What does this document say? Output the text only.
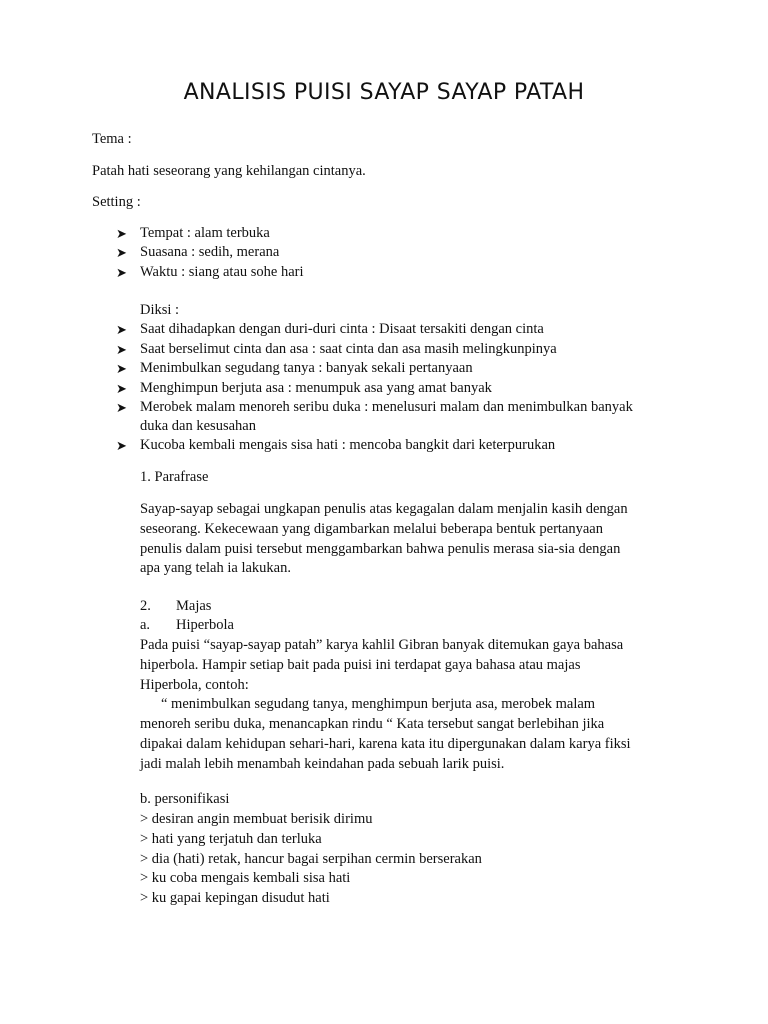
ANALISIS PUISI SAYAP SAYAP PATAH
Tema :
Patah hati seseorang yang kehilangan cintanya.
Setting :
➤ Tempat : alam terbuka
➤ Suasana : sedih, merana
➤ Waktu : siang atau sohe hari
Diksi :
➤ Saat dihadapkan dengan duri-duri cinta : Disaat tersakiti dengan cinta
➤ Saat berselimut cinta dan asa : saat cinta dan asa masih melingkunpinya
➤ Menimbulkan segudang tanya : banyak sekali pertanyaan
➤ Menghimpun berjuta asa : menumpuk asa yang amat banyak
➤ Merobek malam menoreh seribu duka : menelusuri malam dan menimbulkan banyak
duka dan kesusahan
➤ Kucoba kembali mengais sisa hati : mencoba bangkit dari keterpurukan
1. Parafrase
Sayap-sayap sebagai ungkapan penulis atas kegagalan dalam menjalin kasih dengan
seseorang. Kekecewaan yang digambarkan melalui beberapa bentuk pertanyaan
penulis dalam puisi tersebut menggambarkan bahwa penulis merasa sia-sia dengan
apa yang telah ia lakukan.
2. Majas
a. Hiperbola
Pada puisi “sayap-sayap patah” karya kahlil Gibran banyak ditemukan gaya bahasa
hiperbola. Hampir setiap bait pada puisi ini terdapat gaya bahasa atau majas
Hiperbola, contoh:
“ menimbulkan segudang tanya, menghimpun berjuta asa, merobek malam
menoreh seribu duka, menancapkan rindu “ Kata tersebut sangat berlebihan jika
dipakai dalam kehidupan sehari-hari, karena kata itu dipergunakan dalam karya fiksi
jadi malah lebih menambah keindahan pada sebuah larik puisi.
b. personifikasi
> desiran angin membuat berisik dirimu
> hati yang terjatuh dan terluka
> dia (hati) retak, hancur bagai serpihan cermin berserakan
> ku coba mengais kembali sisa hati
> ku gapai kepingan disudut hati
